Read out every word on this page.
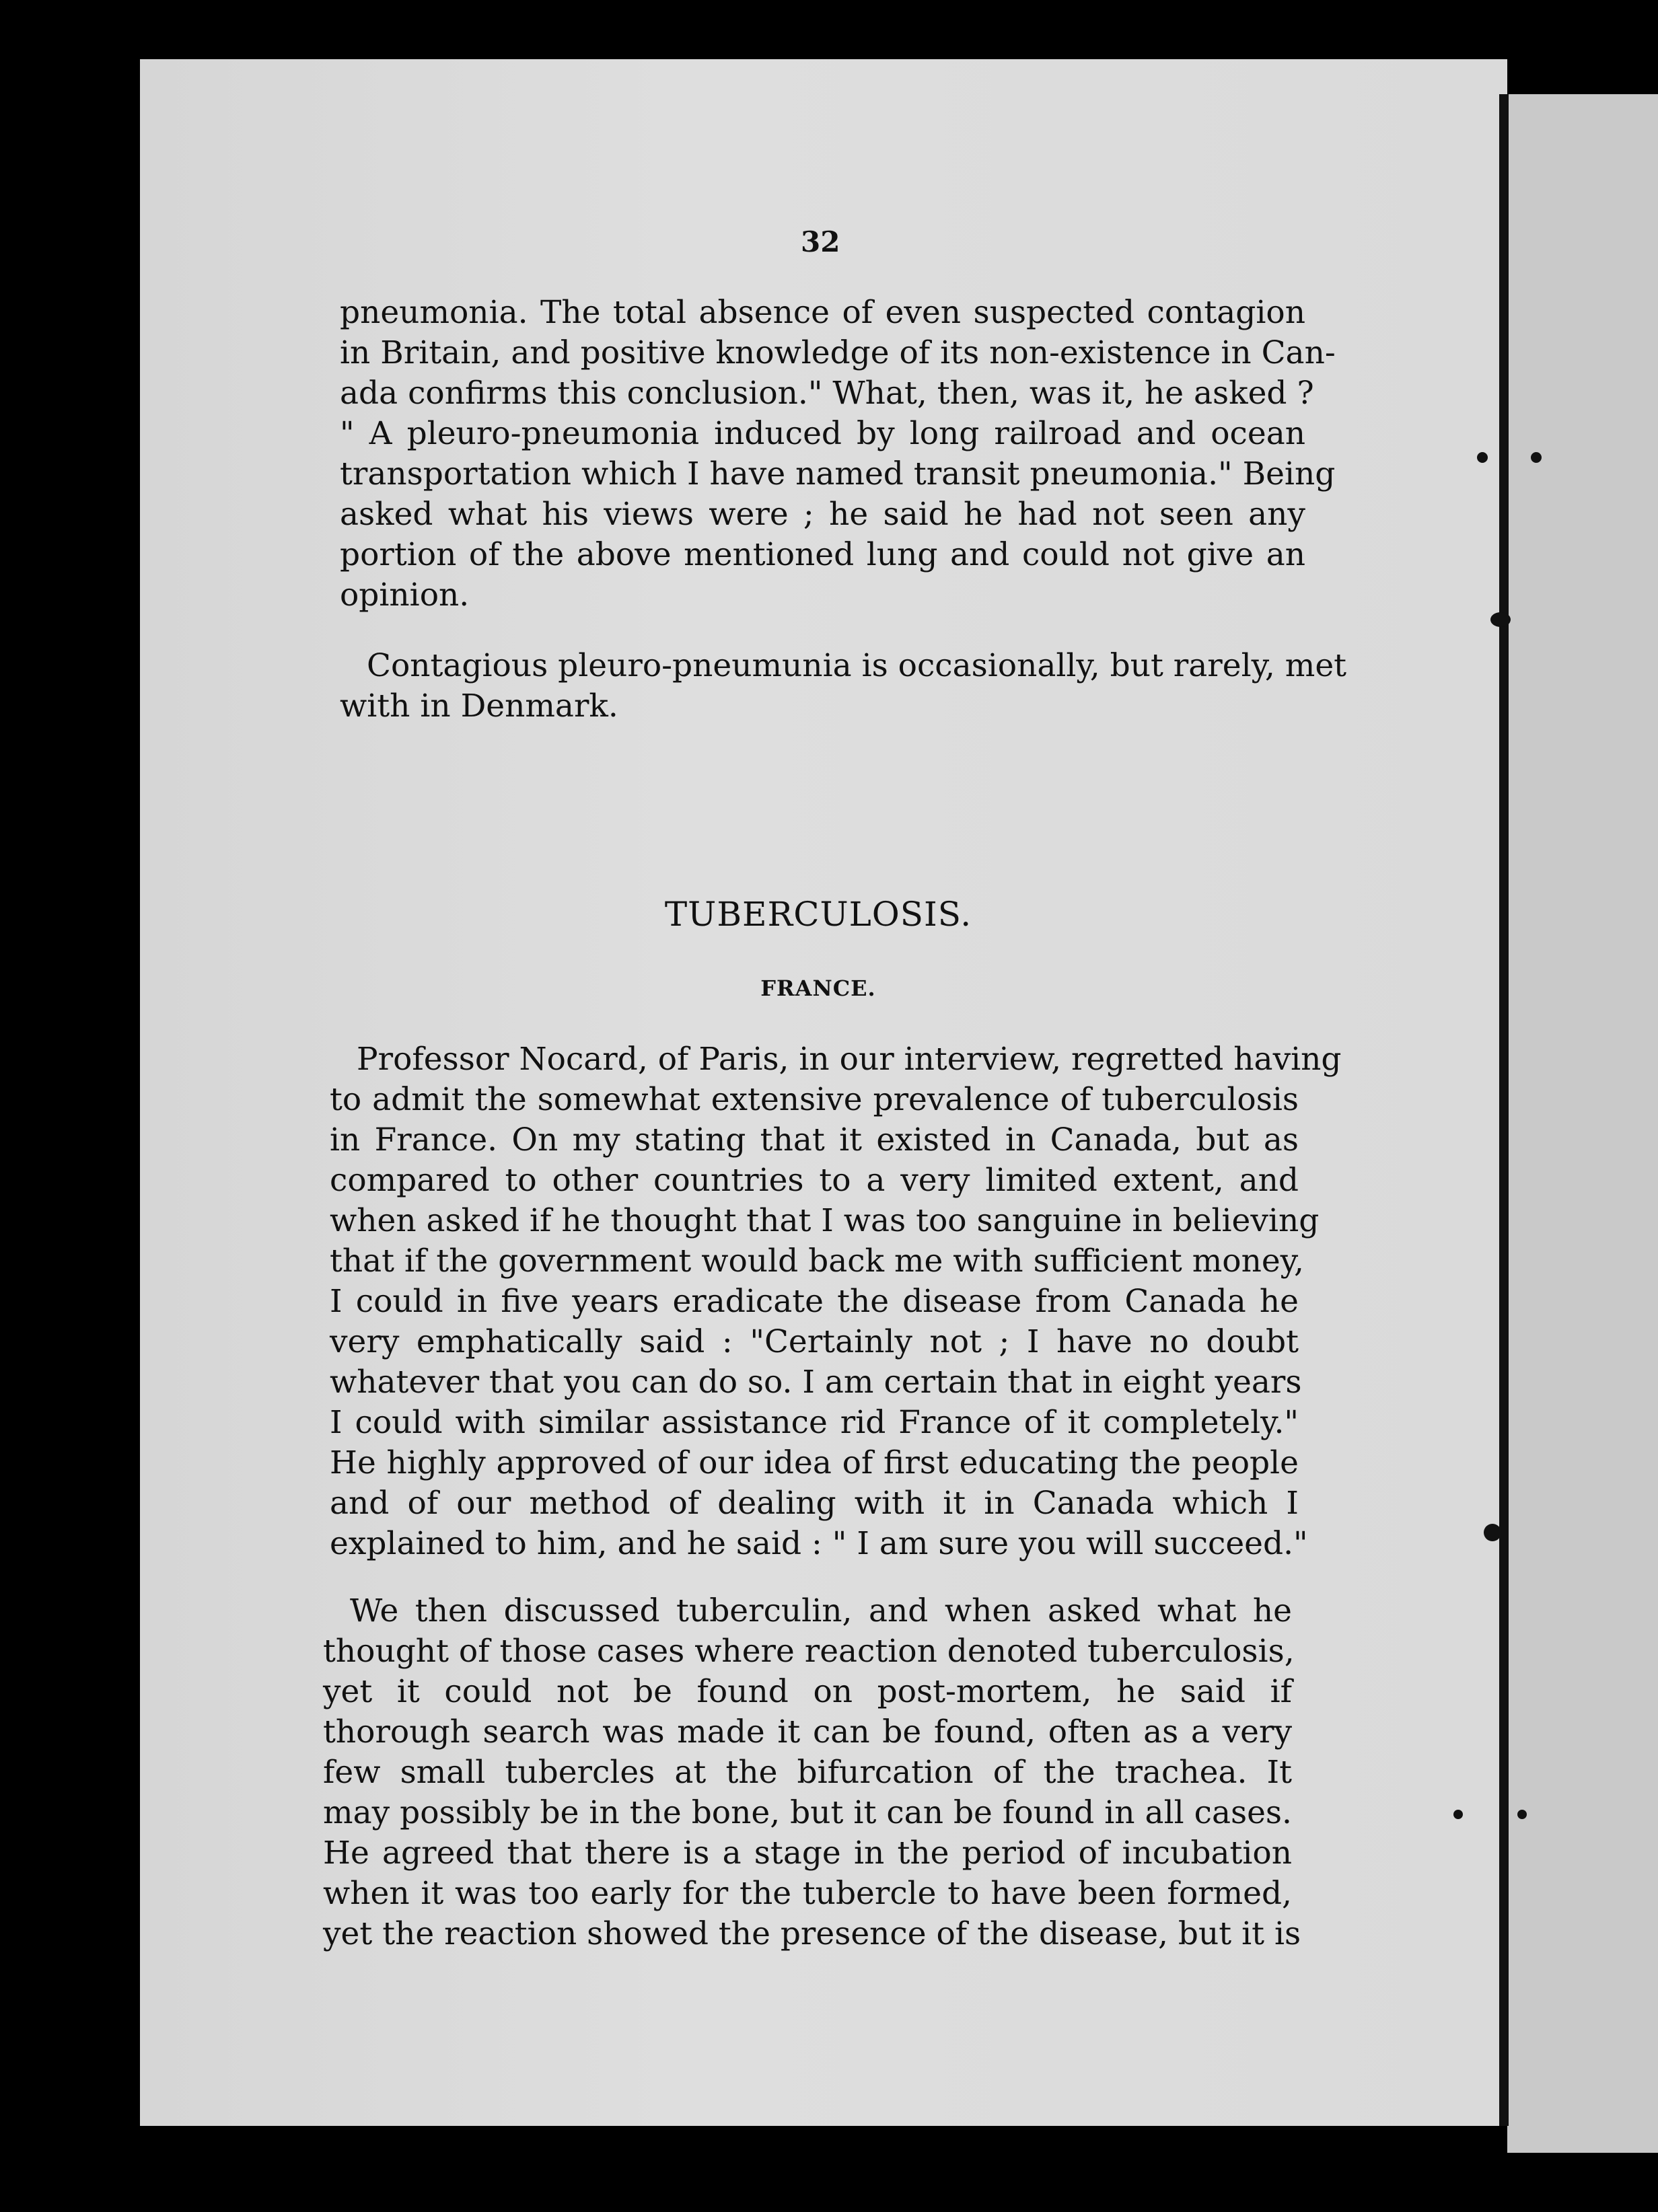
32
pneumonia. The total absence of even suspected contagion
in Britain, and positive knowledge of its non-existence in Can-
ada confirms this conclusion." What, then, was it, he asked ?
" A pleuro-pneumonia induced by long railroad and ocean
transportation which I have named transit pneumonia." Being
asked what his views were ; he said he had not seen any
portion of the above mentioned lung and could not give an
opinion.
Contagious pleuro-pneumunia is occasionally, but rarely, met
with in Denmark.
TUBERCULOSIS.
FRANCE.
Professor Nocard, of Paris, in our interview, regretted having
to admit the somewhat extensive prevalence of tuberculosis
in France. On my stating that it existed in Canada, but as
compared to other countries to a very limited extent, and
when asked if he thought that I was too sanguine in believing
that if the government would back me with sufficient money,
I could in five years eradicate the disease from Canada he
very emphatically said : "Certainly not ; I have no doubt
whatever that you can do so. I am certain that in eight years
I could with similar assistance rid France of it completely."
He highly approved of our idea of first educating the people
and of our method of dealing with it in Canada which I
explained to him, and he said : " I am sure you will succeed."
We then discussed tuberculin, and when asked what he
thought of those cases where reaction denoted tuberculosis,
yet it could not be found on post-mortem, he said if
thorough search was made it can be found, often as a very
few small tubercles at the bifurcation of the trachea. It
may possibly be in the bone, but it can be found in all cases.
He agreed that there is a stage in the period of incubation
when it was too early for the tubercle to have been formed,
yet the reaction showed the presence of the disease, but it is
